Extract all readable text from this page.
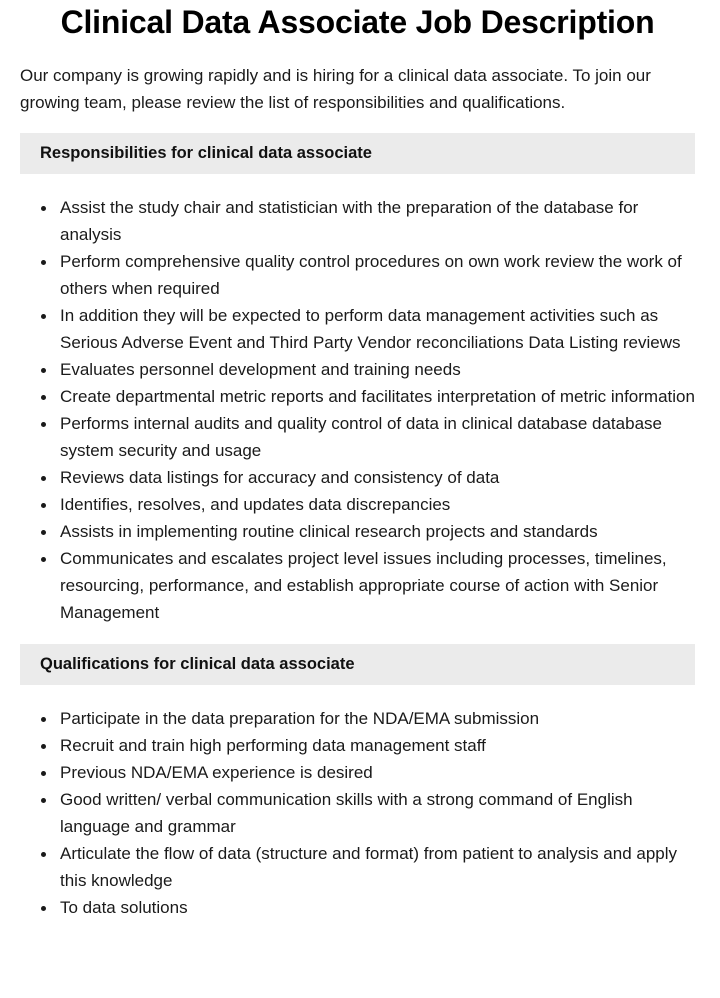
Clinical Data Associate Job Description

Our company is growing rapidly and is hiring for a clinical data associate. To join our growing team, please review the list of responsibilities and qualifications.

Responsibilities for clinical data associate
Assist the study chair and statistician with the preparation of the database for analysis
Perform comprehensive quality control procedures on own work review the work of others when required
In addition they will be expected to perform data management activities such as Serious Adverse Event and Third Party Vendor reconciliations Data Listing reviews
Evaluates personnel development and training needs
Create departmental metric reports and facilitates interpretation of metric information
Performs internal audits and quality control of data in clinical database database system security and usage
Reviews data listings for accuracy and consistency of data
Identifies, resolves, and updates data discrepancies
Assists in implementing routine clinical research projects and standards
Communicates and escalates project level issues including processes, timelines, resourcing, performance, and establish appropriate course of action with Senior Management
Qualifications for clinical data associate
Participate in the data preparation for the NDA/EMA submission
Recruit and train high performing data management staff
Previous NDA/EMA experience is desired
Good written/ verbal communication skills with a strong command of English language and grammar
Articulate the flow of data (structure and format) from patient to analysis and apply this knowledge
To data solutions
